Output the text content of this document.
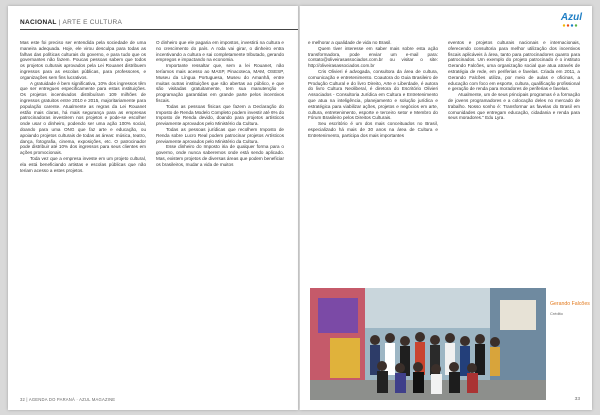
NACIONAL | ARTE E CULTURA

Mas este foi preciso ser entendida pela sociedade de uma maneira adequada. Hoje, ele virou desculpa para todas as falhas das políticas culturais do governo, e para tudo que os governantes não fazem. Poucas pessoas sabem que todos os projetos culturais aprovados pela Lei Rouanet distribuem ingressos para as escolas públicas, para professores, e organizações sem fins lucrativos.

A gratuidade é bem significativa, 10% dos ingressos têm que ser entregues especificamente para estas instituições. Os projetos incentivados distribuíram 109 milhões de ingressos gratuitos entre 2010 e 2015, majoritariamente para população carente. Atualmente as regras da Lei Rouanet estão mais claras, há mais segurança para as empresas patrocinadoras investirem nos projetos e pode-se escolher onde usar o dinheiro, podendo ser uma ação 100% social, doando para uma ONG que faz arte e educação, ou apoiando projetos culturais de todas as áreas: música, teatro, dança, fotografia, cinema, exposições, etc. O patrocinador pode distribuir até 10% dos ingressos para seus clientes em ações promocionais.

Toda vez que a empresa investe em um projeto cultural, ela está beneficiando artistas e escolas públicas que não teriam acesso a estes projetos.

O dinheiro que ele pagaria em impostos, investirá na cultura e no crescimento do país. A roda vai girar, o dinheiro entra incentivando a cultura e sai completamente tributado, gerando empregos e impactando na economia.

Importante ressaltar que, sem a lei Rouanet, não teríamos mais acesso ao MASP, Pinacoteca, MAM, OSESP, Museu da Língua Portuguesa, Museu do Amanhã, entre muitas outras instituições que são abertas ao público, e que são visitadas gratuitamente, tem sua manutenção e programação garantidas em grande parte pelos incentivos fiscais.

Todas as pessoas físicas que fazem a Declaração do Imposto de Renda Modelo Completo podem investir até 6% do Imposto de Renda devido, doando para projetos artísticos previamente aprovados pelo Ministério da Cultura.

Todas as pessoas jurídicas que recolhem Imposto de Renda sobre Lucro Real podem patrocinar projetos Artísticos previamente aprovados pelo Ministério da Cultura.

Esse dinheiro do Imposto iria de qualquer forma para o governo, onde nunca saberemos onde está sendo aplicado. Mas, existem projetos de diversas áreas que podem beneficiar os brasileiros, mudar a vida de muitos

32 | AGENDA DO PARANÁ · AZUL MAGAZINE
Azul

e melhorar a qualidade de vida no Brasil.

Quem tiver interesse em saber mais sobre esta ação transformadora, pode enviar um e-mail para: contato@oliveirasassociados.com.br ou visitar o site: http://oliveirasassociados.com.br

Cris Olivieri é advogada, consultora da área de cultura, comunicação e entretenimento. Coautora do Guia Brasileiro de Produção Cultural e do livro Direito, Arte e Liberdade, é autora do livro Cultura Neoliberal, é diretora do Escritório Olivieri Associados - Consultoria Jurídica em Cultura e Entretenimento que atua na inteligência, planejamento e solução jurídica e estratégica para viabilizar ações, projetos e negócios em arte, cultura, entretenimento, esporte e terceiro setor e Membro do Fórum Brasileiro pelos Direitos Culturais.

Seu escritório é um dos mais conceituados no Brasil, especializado há mais de 30 anos na área de Cultura e Entretenimento, participa dos mais importantes

eventos e projetos culturais nacionais e internacionais, oferecendo consultoria para melhor utilização dos incentivos fiscais aplicáveis à área, tanto para patrocinadores quanto para patrocinados. Um exemplo do projeto patrocinado é o instituto Gerando Falcões, uma organização social que atua através de estratégia de rede, em periferias e favelas. Criada em 2011, a Gerando Falcões utiliza, por meio de aulas e oficinas, a educação com foco em esporte, cultura, qualificação profissional e geração de renda para moradores de periferias e favelas.

Atualmente, um de seus principais programas é a formação de jovens programadores e a colocação deles no mercado de trabalho. Nosso sonho é: Transformar as favelas do Brasil em comunidades que entregam educação, cidadania e renda para seus moradores." Edu Lyra.

Gerando Falcões
Crédito
33
